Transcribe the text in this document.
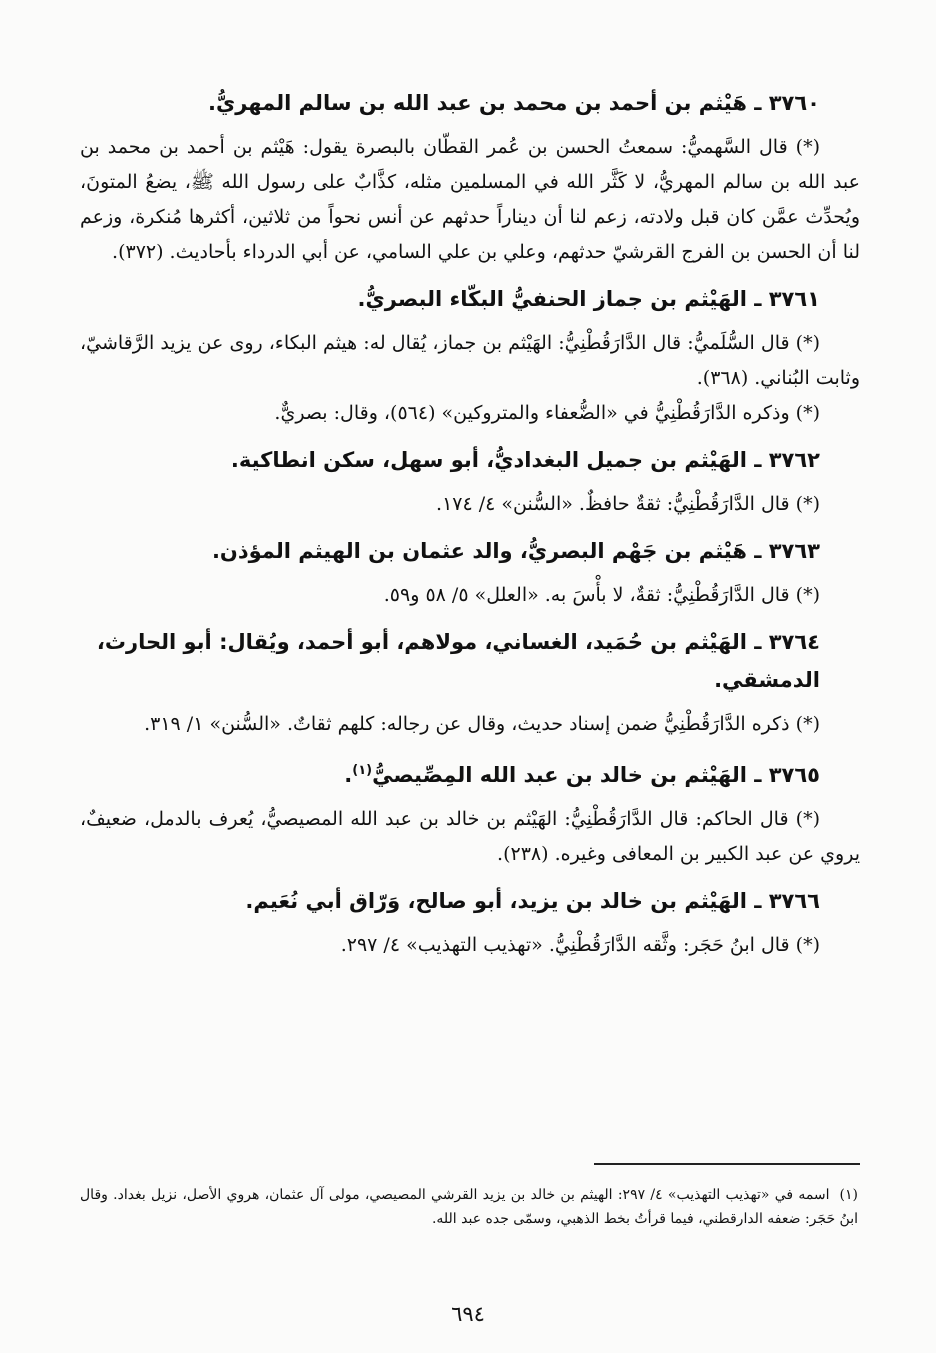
٣٧٦٠ ـ هَيْثم بن أحمد بن محمد بن عبد الله بن سالم المهريُّ.

(*) قال السَّهميُّ: سمعتُ الحسن بن عُمر القطّان بالبصرة يقول: هَيْثم بن أحمد بن محمد بن عبد الله بن سالم المهريُّ، لا كَثَّر الله في المسلمين مثله، كذَّابٌ على رسول الله ﷺ، يضعُ المتونَ، ويُحدِّث عمَّن كان قبل ولادته، زعم لنا أن ديناراً حدثهم عن أنس نحواً من ثلاثين، أكثرها مُنكرة، وزعم لنا أن الحسن بن الفرج القرشيّ حدثهم، وعلي بن علي السامي، عن أبي الدرداء بأحاديث. (٣٧٢).

٣٧٦١ ـ الهَيْثم بن جماز الحنفيُّ البكّاء البصريُّ.

(*) قال السُّلَميُّ: قال الدَّارَقُطْنِيُّ: الهَيْثم بن جماز، يُقال له: هيثم البكاء، روى عن يزيد الرَّقاشيّ، وثابت البُناني. (٣٦٨).

(*) وذكره الدَّارَقُطْنِيُّ في «الضُّعفاء والمتروكين» (٥٦٤)، وقال: بصريٌّ.

٣٧٦٢ ـ الهَيْثم بن جميل البغداديُّ، أبو سهل، سكن انطاكية.

(*) قال الدَّارَقُطْنِيُّ: ثقةٌ حافظٌ. «السُّنن» ٤/ ١٧٤.

٣٧٦٣ ـ هَيْثم بن جَهْم البصريُّ، والد عثمان بن الهيثم المؤذن.

(*) قال الدَّارَقُطْنِيُّ: ثقةٌ، لا بأْسَ به. «العلل» ٥/ ٥٨ و٥٩.

٣٧٦٤ ـ الهَيْثم بن حُمَيد، الغساني، مولاهم، أبو أحمد، ويُقال: أبو الحارث، الدمشقي.

(*) ذكره الدَّارَقُطْنِيُّ ضمن إسناد حديث، وقال عن رجاله: كلهم ثقاتٌ. «السُّنن» ١/ ٣١٩.

٣٧٦٥ ـ الهَيْثم بن خالد بن عبد الله المِصِّيصيُّ$^{(١)}$.

(*) قال الحاكم: قال الدَّارَقُطْنِيُّ: الهَيْثم بن خالد بن عبد الله المصيصيُّ، يُعرف بالدمل، ضعيفٌ، يروي عن عبد الكبير بن المعافى وغيره. (٢٣٨).

٣٧٦٦ ـ الهَيْثم بن خالد بن يزيد، أبو صالح، وَرّاق أبي نُعَيم.

(*) قال ابنُ حَجَر: وثَّقه الدَّارَقُطْنِيُّ. «تهذيب التهذيب» ٤/ ٢٩٧.

(١)اسمه في «تهذيب التهذيب» ٤/ ٢٩٧: الهيثم بن خالد بن يزيد القرشي المصيصي، مولى آل عثمان، هروي الأصل، نزيل بغداد. وقال ابنُ حَجَر: ضعفه الدارقطني، فيما قرأتُ بخط الذهبي، وسمّى جده عبد الله.

٦٩٤
